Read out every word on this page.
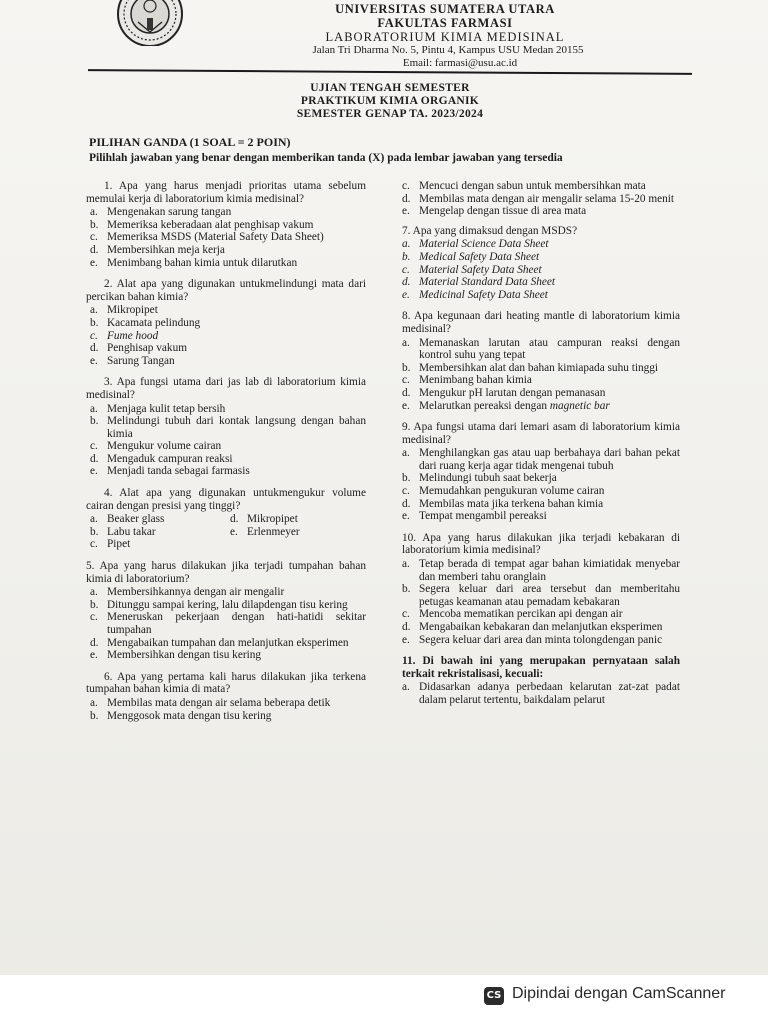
UNIVERSITAS SUMATERA UTARA
FAKULTAS FARMASI
LABORATORIUM KIMIA MEDISINAL
Jalan Tri Dharma No. 5, Pintu 4, Kampus USU Medan 20155
Email: farmasi@usu.ac.id
UJIAN TENGAH SEMESTER
PRAKTIKUM KIMIA ORGANIK
SEMESTER GENAP TA. 2023/2024
PILIHAN GANDA (1 SOAL = 2 POIN)
Pilihlah jawaban yang benar dengan memberikan tanda (X) pada lembar jawaban yang tersedia
1. Apa yang harus menjadi prioritas utama sebelum memulai kerja di laboratorium kimia medisinal?
a. Mengenakan sarung tangan
b. Memeriksa keberadaan alat penghisap vakum
c. Memeriksa MSDS (Material Safety Data Sheet)
d. Membersihkan meja kerja
e. Menimbang bahan kimia untuk dilarutkan
2. Alat apa yang digunakan untukmelindungi mata dari percikan bahan kimia?
a. Mikropipet
b. Kacamata pelindung
c. Fume hood
d. Penghisap vakum
e. Sarung Tangan
3. Apa fungsi utama dari jas lab di laboratorium kimia medisinal?
a. Menjaga kulit tetap bersih
b. Melindungi tubuh dari kontak langsung dengan bahan kimia
c. Mengukur volume cairan
d. Mengaduk campuran reaksi
e. Menjadi tanda sebagai farmasis
4. Alat apa yang digunakan untukmengukur volume cairan dengan presisi yang tinggi?
a. Beaker glass	d. Mikropipet
b. Labu takar	e. Erlenmeyer
c. Pipet
5. Apa yang harus dilakukan jika terjadi tumpahan bahan kimia di laboratorium?
a. Membersihkannya dengan air mengalir
b. Ditunggu sampai kering, lalu dilapdengan tisu kering
c. Meneruskan pekerjaan dengan hati-hatidi sekitar tumpahan
d. Mengabaikan tumpahan dan melanjutkan eksperimen
e. Membersihkan dengan tisu kering
6. Apa yang pertama kali harus dilakukan jika terkena tumpahan bahan kimia di mata?
a. Membilas mata dengan air selama beberapa detik
b. Menggosok mata dengan tisu kering
c. Mencuci dengan sabun untuk membersihkan mata
d. Membilas mata dengan air mengalir selama 15-20 menit
e. Mengelap dengan tissue di area mata
7. Apa yang dimaksud dengan MSDS?
a. Material Science Data Sheet
b. Medical Safety Data Sheet
c. Material Safety Data Sheet
d. Material Standard Data Sheet
e. Medicinal Safety Data Sheet
8. Apa kegunaan dari heating mantle di laboratorium kimia medisinal?
a. Memanaskan larutan atau campuran reaksi dengan kontrol suhu yang tepat
b. Membersihkan alat dan bahan kimiapada suhu tinggi
c. Menimbang bahan kimia
d. Mengukur pH larutan dengan pemanasan
e. Melarutkan pereaksi dengan magnetic bar
9. Apa fungsi utama dari lemari asam di laboratorium kimia medisinal?
a. Menghilangkan gas atau uap berbahaya dari bahan pekat dari ruang kerja agar tidak mengenai tubuh
b. Melindungi tubuh saat bekerja
c. Memudahkan pengukuran volume cairan
d. Membilas mata jika terkena bahan kimia
e. Tempat mengambil pereaksi
10. Apa yang harus dilakukan jika terjadi kebakaran di laboratorium kimia medisinal?
a. Tetap berada di tempat agar bahan kimiatidak menyebar dan memberi tahu oranglain
b. Segera keluar dari area tersebut dan memberitahu petugas keamanan atau pemadam kebakaran
c. Mencoba mematikan percikan api dengan air
d. Mengabaikan kebakaran dan melanjutkan eksperimen
e. Segera keluar dari area dan minta tolongdengan panic
11. Di bawah ini yang merupakan pernyataan salah terkait rekristalisasi, kecuali:
a. Didasarkan adanya perbedaan kelarutan zat-zat padat dalam pelarut tertentu, baikdalam pelarut
CS Dipindai dengan CamScanner
